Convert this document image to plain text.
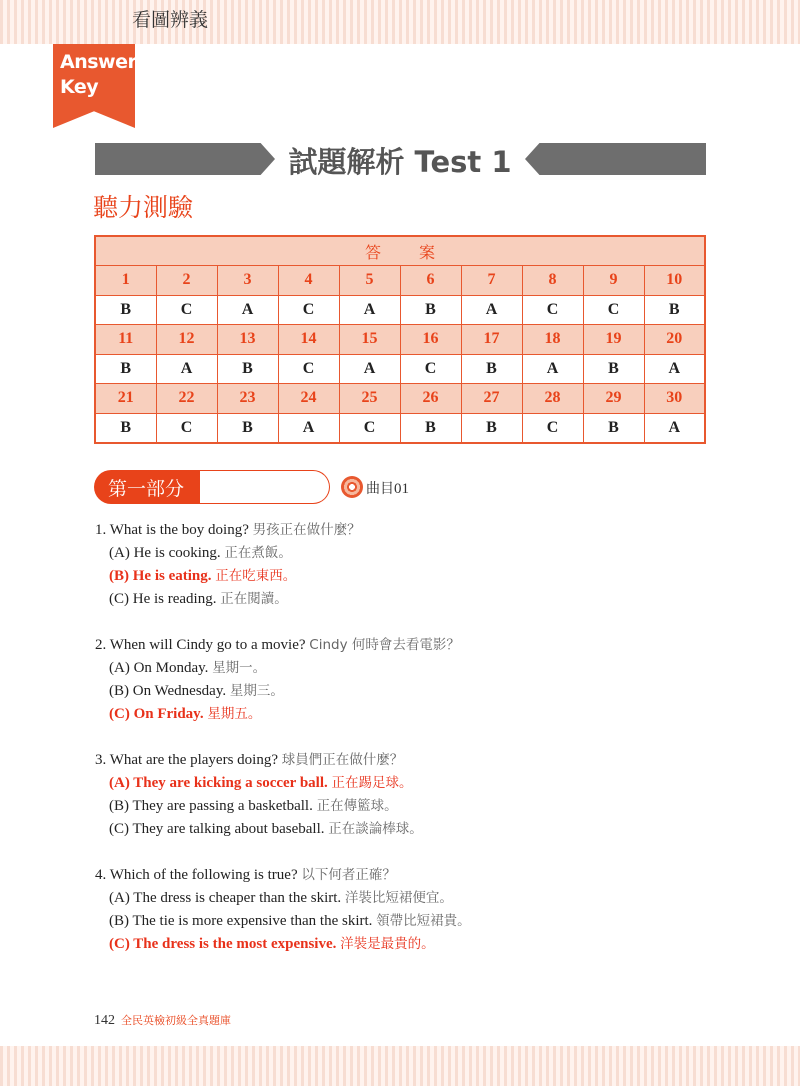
Answer
Key
試題解析 Test 1
聽力測驗
答案									
1	2	3	4	5	6	7	8	9	10
B	C	A	C	A	B	A	C	C	B
11	12	13	14	15	16	17	18	19	20
B	A	B	C	A	C	B	A	B	A
21	22	23	24	25	26	27	28	29	30
B	C	B	A	C	B	B	C	B	A
第一部分
看圖辨義
曲目01
1. What is the boy doing? 男孩正在做什麼？
(A) He is cooking. 正在煮飯。
(B) He is eating. 正在吃東西。
(C) He is reading. 正在閱讀。
2. When will Cindy go to a movie? Cindy 何時會去看電影？
(A) On Monday. 星期一。
(B) On Wednesday. 星期三。
(C) On Friday. 星期五。
3. What are the players doing? 球員們正在做什麼？
(A) They are kicking a soccer ball. 正在踢足球。
(B) They are passing a basketball. 正在傳籃球。
(C) They are talking about baseball. 正在談論棒球。
4. Which of the following is true? 以下何者正確？
(A) The dress is cheaper than the skirt. 洋裝比短裙便宜。
(B) The tie is more expensive than the skirt. 領帶比短裙貴。
(C) The dress is the most expensive. 洋裝是最貴的。
142 全民英檢初級全真題庫
